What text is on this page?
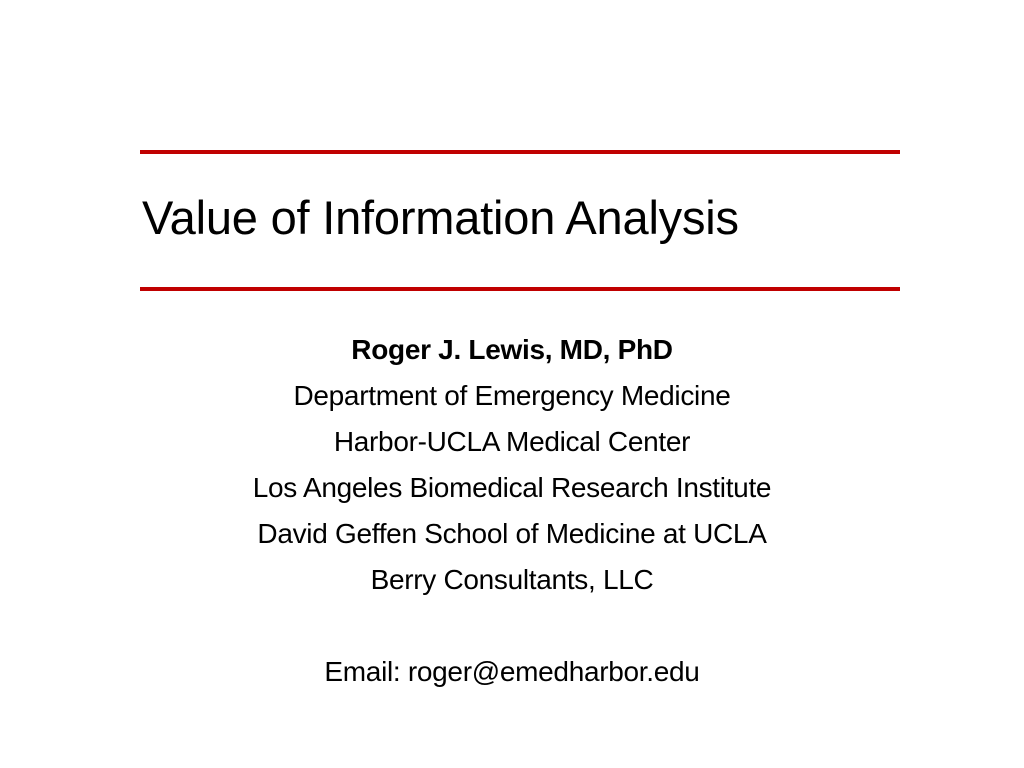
Value of Information Analysis
Roger J. Lewis, MD, PhD
Department of Emergency Medicine
Harbor-UCLA Medical Center
Los Angeles Biomedical Research Institute
David Geffen School of Medicine at UCLA
Berry Consultants, LLC
Email: roger@emedharbor.edu
